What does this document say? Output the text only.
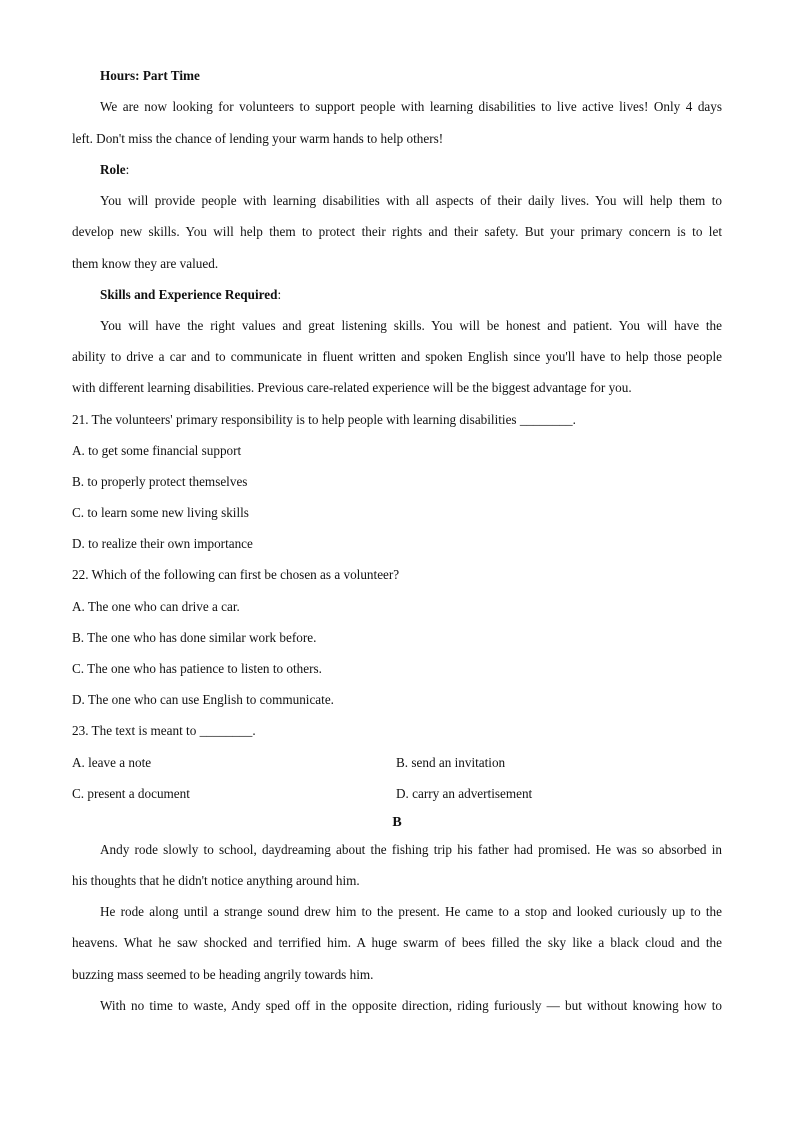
Hours: Part Time
We are now looking for volunteers to support people with learning disabilities to live active lives! Only 4 days
left. Don't miss the chance of lending your warm hands to help others!
Role:
You will provide people with learning disabilities with all aspects of their daily lives. You will help them to
develop new skills. You will help them to protect their rights and their safety. But your primary concern is to let
them know they are valued.
Skills and Experience Required:
You will have the right values and great listening skills. You will be honest and patient. You will have the
ability to drive a car and to communicate in fluent written and spoken English since you'll have to help those people
with different learning disabilities. Previous care-related experience will be the biggest advantage for you.
21. The volunteers' primary responsibility is to help people with learning disabilities ________.
A. to get some financial support
B. to properly protect themselves
C. to learn some new living skills
D. to realize their own importance
22. Which of the following can first be chosen as a volunteer?
A. The one who can drive a car.
B. The one who has done similar work before.
C. The one who has patience to listen to others.
D. The one who can use English to communicate.
23. The text is meant to ________.
A. leave a note	B. send an invitation
C. present a document	D. carry an advertisement
B
Andy rode slowly to school, daydreaming about the fishing trip his father had promised. He was so absorbed in
his thoughts that he didn't notice anything around him.
He rode along until a strange sound drew him to the present. He came to a stop and looked curiously up to the
heavens. What he saw shocked and terrified him. A huge swarm of bees filled the sky like a black cloud and the
buzzing mass seemed to be heading angrily towards him.
With no time to waste, Andy sped off in the opposite direction, riding furiously — but without knowing how to
